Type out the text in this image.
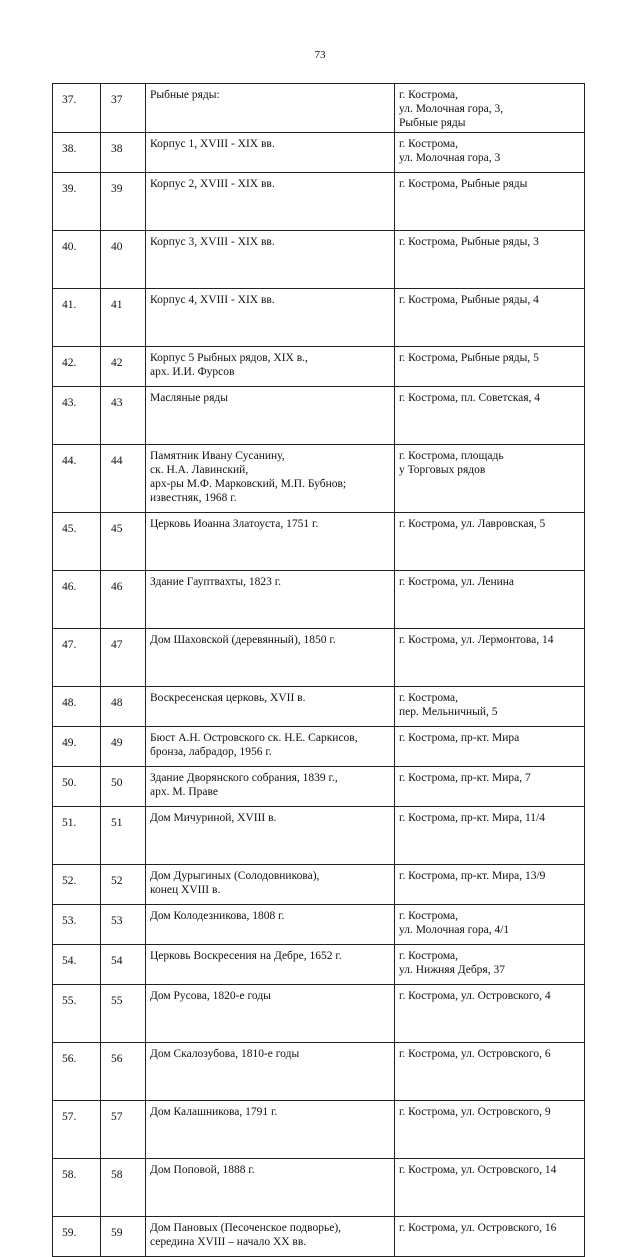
73
37.	37	Рыбные ряды:	г. Кострома,
ул. Молочная гора, 3,
Рыбные ряды

38.	38	Корпус 1, XVIII - XIX вв.	г. Кострома,
ул. Молочная гора, 3

39.	39	Корпус 2, XVIII - XIX вв.	г. Кострома, Рыбные ряды

40.	40	Корпус 3, XVIII - XIX вв.	г. Кострома, Рыбные ряды, 3

41.	41	Корпус 4, XVIII - XIX вв.	г. Кострома, Рыбные ряды, 4

42.	42	Корпус 5 Рыбных рядов, XIX в.,
арх. И.И. Фурсов	г. Кострома, Рыбные ряды, 5

43.	43	Масляные ряды	г. Кострома, пл. Советская, 4

44.	44	Памятник Ивану Сусанину,
ск. Н.А. Лавинский,
арх-ры М.Ф. Марковский, М.П. Бубнов;
известняк, 1968 г.	г. Кострома, площадь
у Торговых рядов

45.	45	Церковь Иоанна Златоуста, 1751 г.	г. Кострома, ул. Лавровская, 5

46.	46	Здание Гауптвахты, 1823 г.	г. Кострома, ул. Ленина

47.	47	Дом Шаховской (деревянный), 1850 г.	г. Кострома, ул. Лермонтова, 14

48.	48	Воскресенская церковь, XVII в.	г. Кострома,
пер. Мельничный, 5

49.	49	Бюст А.Н. Островского ск. Н.Е. Саркисов,
бронза, лабрадор, 1956 г.	г. Кострома, пр-кт. Мира

50.	50	Здание Дворянского собрания, 1839 г.,
арх. М. Праве	г. Кострома, пр-кт. Мира, 7

51.	51	Дом Мичуриной, XVIII в.	г. Кострома, пр-кт. Мира, 11/4

52.	52	Дом Дурыгиных (Солодовникова),
конец XVIII в.	г. Кострома, пр-кт. Мира, 13/9

53.	53	Дом Колодезникова, 1808 г.	г. Кострома,
ул. Молочная гора, 4/1

54.	54	Церковь Воскресения на Дебре, 1652 г.	г. Кострома,
ул. Нижняя Дебря, 37

55.	55	Дом Русова, 1820-е годы	г. Кострома, ул. Островского, 4

56.	56	Дом Скалозубова, 1810-е годы	г. Кострома, ул. Островского, 6

57.	57	Дом Калашникова, 1791 г.	г. Кострома, ул. Островского, 9

58.	58	Дом Поповой, 1888 г.	г. Кострома, ул. Островского, 14

59.	59	Дом Пановых (Песоченское подворье),
середина XVIII – начало XX вв.	г. Кострома, ул. Островского, 16
